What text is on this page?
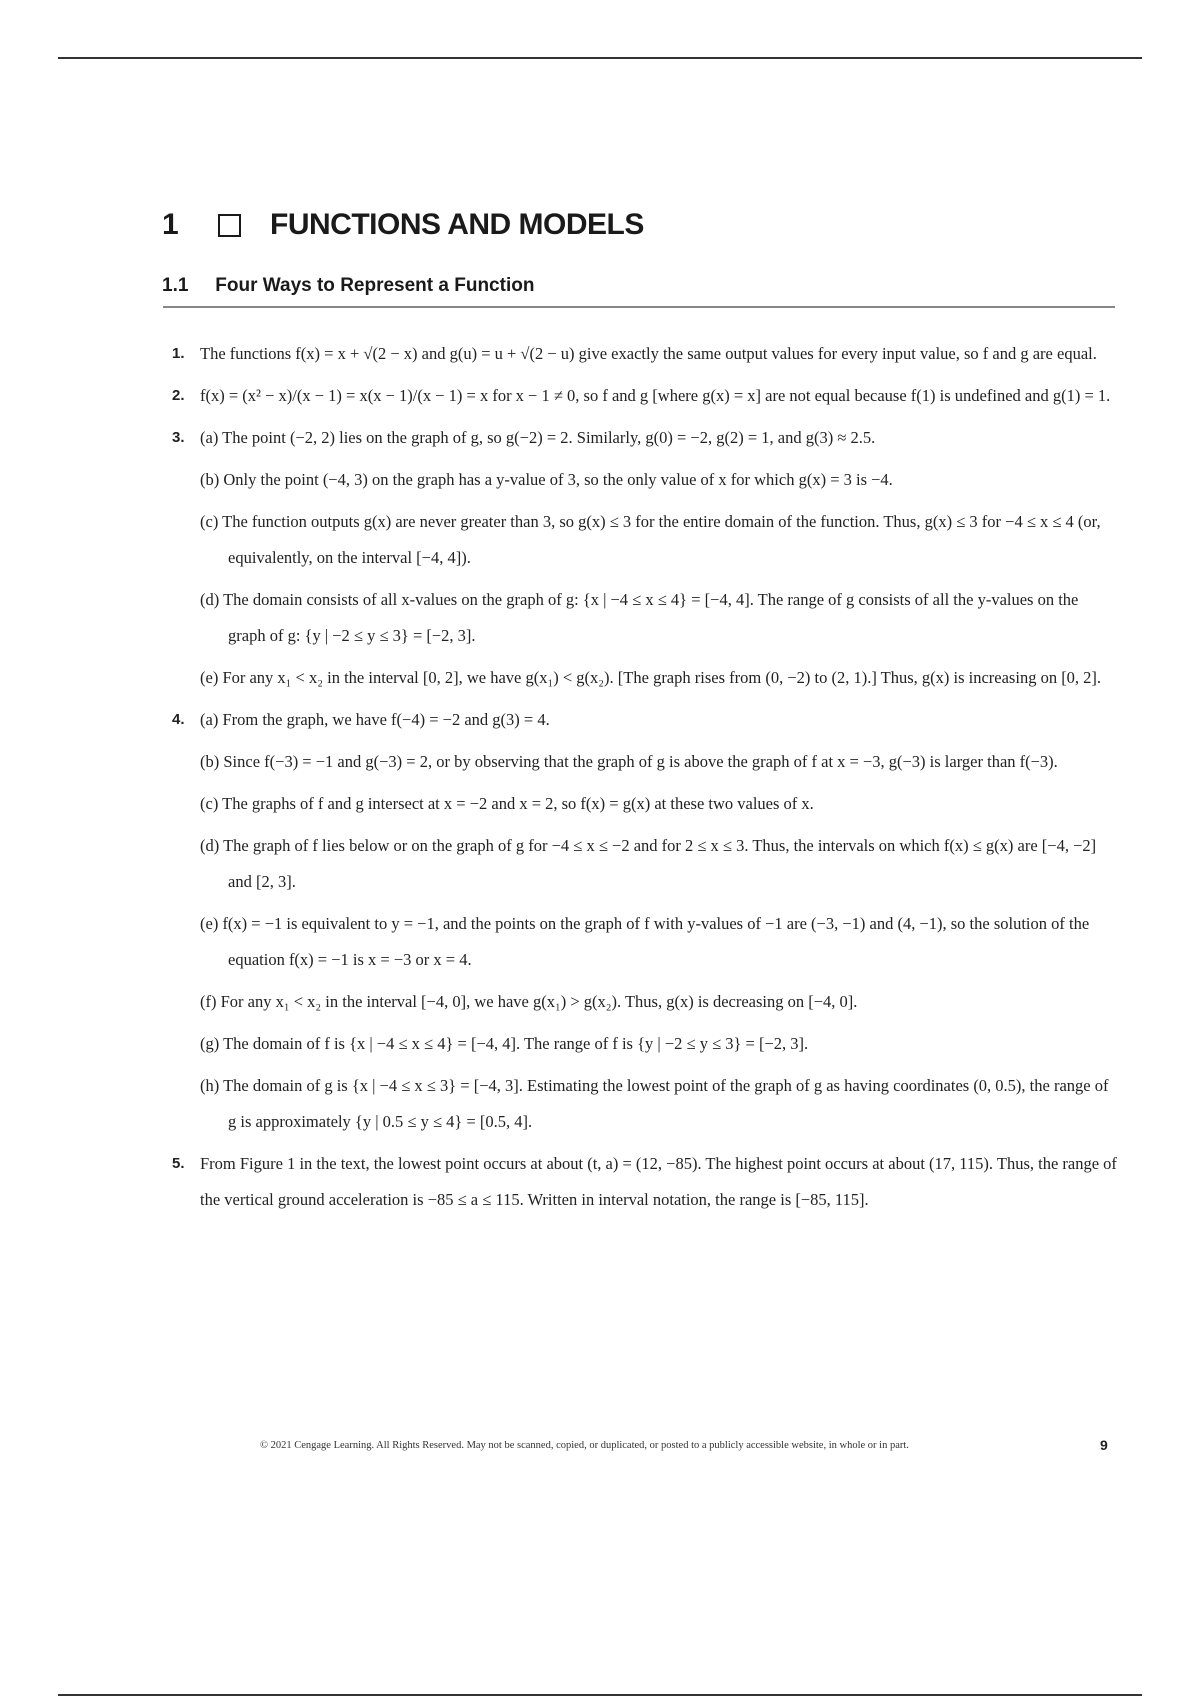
1	FUNCTIONS AND MODELS
1.1 Four Ways to Represent a Function
1. The functions f(x) = x + √(2 − x) and g(u) = u + √(2 − u) give exactly the same output values for every input value, so f and g are equal.
2. f(x) = (x² − x)/(x − 1) = x(x − 1)/(x − 1) = x for x − 1 ≠ 0, so f and g [where g(x) = x] are not equal because f(1) is undefined and g(1) = 1.
3. (a) The point (−2, 2) lies on the graph of g, so g(−2) = 2. Similarly, g(0) = −2, g(2) = 1, and g(3) ≈ 2.5.
(b) Only the point (−4, 3) on the graph has a y-value of 3, so the only value of x for which g(x) = 3 is −4.
(c) The function outputs g(x) are never greater than 3, so g(x) ≤ 3 for the entire domain of the function. Thus, g(x) ≤ 3 for −4 ≤ x ≤ 4 (or, equivalently, on the interval [−4, 4]).
(d) The domain consists of all x-values on the graph of g: {x | −4 ≤ x ≤ 4} = [−4, 4]. The range of g consists of all the y-values on the graph of g: {y | −2 ≤ y ≤ 3} = [−2, 3].
(e) For any x₁ < x₂ in the interval [0, 2], we have g(x₁) < g(x₂). [The graph rises from (0, −2) to (2, 1).] Thus, g(x) is increasing on [0, 2].
4. (a) From the graph, we have f(−4) = −2 and g(3) = 4.
(b) Since f(−3) = −1 and g(−3) = 2, or by observing that the graph of g is above the graph of f at x = −3, g(−3) is larger than f(−3).
(c) The graphs of f and g intersect at x = −2 and x = 2, so f(x) = g(x) at these two values of x.
(d) The graph of f lies below or on the graph of g for −4 ≤ x ≤ −2 and for 2 ≤ x ≤ 3. Thus, the intervals on which f(x) ≤ g(x) are [−4, −2] and [2, 3].
(e) f(x) = −1 is equivalent to y = −1, and the points on the graph of f with y-values of −1 are (−3, −1) and (4, −1), so the solution of the equation f(x) = −1 is x = −3 or x = 4.
(f) For any x₁ < x₂ in the interval [−4, 0], we have g(x₁) > g(x₂). Thus, g(x) is decreasing on [−4, 0].
(g) The domain of f is {x | −4 ≤ x ≤ 4} = [−4, 4]. The range of f is {y | −2 ≤ y ≤ 3} = [−2, 3].
(h) The domain of g is {x | −4 ≤ x ≤ 3} = [−4, 3]. Estimating the lowest point of the graph of g as having coordinates (0, 0.5), the range of g is approximately {y | 0.5 ≤ y ≤ 4} = [0.5, 4].
5. From Figure 1 in the text, the lowest point occurs at about (t, a) = (12, −85). The highest point occurs at about (17, 115). Thus, the range of the vertical ground acceleration is −85 ≤ a ≤ 115. Written in interval notation, the range is [−85, 115].
© 2021 Cengage Learning. All Rights Reserved. May not be scanned, copied, or duplicated, or posted to a publicly accessible website, in whole or in part.	9
